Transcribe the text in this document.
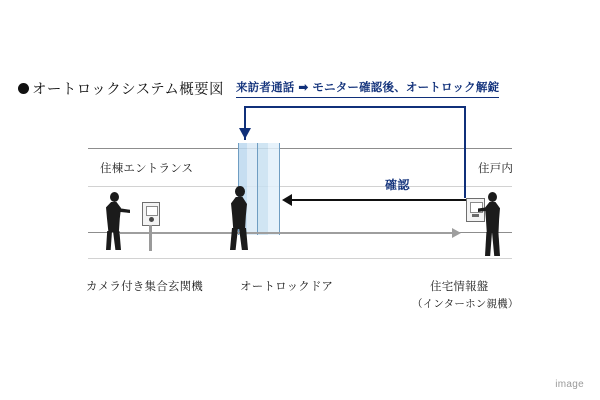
オートロックシステム概要図 来訪者通話 ➡ モニター確認後、オートロック解錠
確認
住棟エントランス	住戸内
カメラ付き集合玄関機	オートロックドア	住宅情報盤
（インターホン親機）
image
